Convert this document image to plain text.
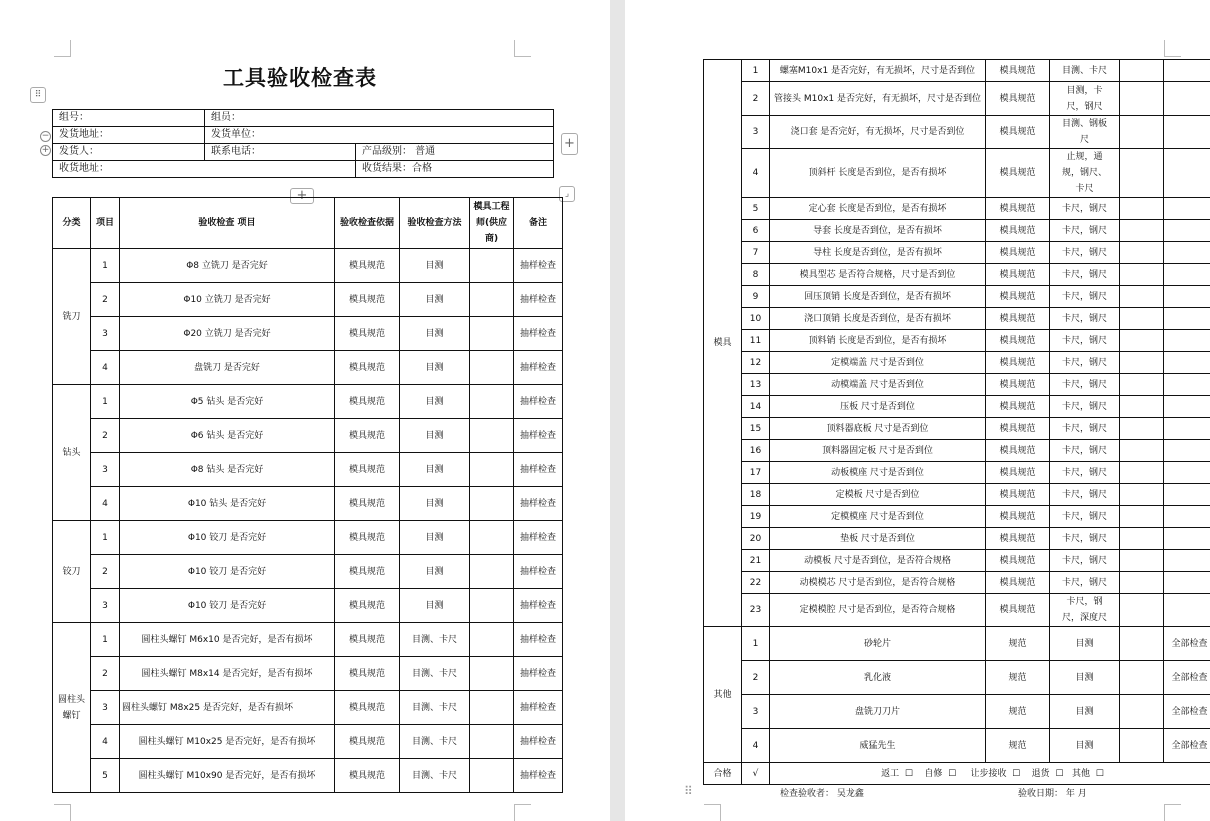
工具验收检查表
⠿
−
+	+
+	⌟
组号：	组员：	
发货地址：	发货单位：	
发货人：	联系电话：	产品级别： 普通
收货地址：		收货结果：合格
分类	项目	验收检查 项目	验收检查依据	验收检查方法	模具工程师(供应商)	备注
铣刀	1	Φ8 立铣刀 是否完好	模具规范	目测		抽样检查
	2	Φ10 立铣刀 是否完好	模具规范	目测		抽样检查
	3	Φ20 立铣刀 是否完好	模具规范	目测		抽样检查
	4	盘铣刀 是否完好	模具规范	目测		抽样检查
钻头	1	Φ5 钻头 是否完好	模具规范	目测		抽样检查
	2	Φ6 钻头 是否完好	模具规范	目测		抽样检查
	3	Φ8 钻头 是否完好	模具规范	目测		抽样检查
	4	Φ10 钻头 是否完好	模具规范	目测		抽样检查
铰刀	1	Φ10 铰刀 是否完好	模具规范	目测		抽样检查
	2	Φ10 铰刀 是否完好	模具规范	目测		抽样检查
	3	Φ10 铰刀 是否完好	模具规范	目测		抽样检查
圆柱头螺钉	1	圆柱头螺钉 M6x10 是否完好，是否有损坏	模具规范	目测、卡尺		抽样检查
	2	圆柱头螺钉 M8x14 是否完好，是否有损坏	模具规范	目测、卡尺		抽样检查
	3	圆柱头螺钉 M8x25 是否完好，是否有损坏	模具规范	目测、卡尺		抽样检查
	4	圆柱头螺钉 M10x25 是否完好，是否有损坏	模具规范	目测、卡尺		抽样检查
	5	圆柱头螺钉 M10x90 是否完好，是否有损坏	模具规范	目测、卡尺		抽样检查
模具	1	螺塞M10x1 是否完好，有无损坏，尺寸是否到位	模具规范	目测、卡尺		
	2	管接头 M10x1 是否完好，有无损坏，尺寸是否到位	模具规范	目测，卡尺，钢尺		
	3	浇口套 是否完好，有无损坏，尺寸是否到位	模具规范	目测、钢板尺		
	4	顶斜杆 长度是否到位，是否有损坏	模具规范	止规，通规，钢尺、卡尺		
	5	定心套 长度是否到位，是否有损坏	模具规范	卡尺，钢尺		
	6	导套 长度是否到位，是否有损坏	模具规范	卡尺，钢尺		
	7	导柱 长度是否到位，是否有损坏	模具规范	卡尺，钢尺		
	8	模具型芯 是否符合规格，尺寸是否到位	模具规范	卡尺，钢尺		
	9	回压顶销 长度是否到位，是否有损坏	模具规范	卡尺，钢尺		
	10	浇口顶销 长度是否到位，是否有损坏	模具规范	卡尺，钢尺		
	11	顶料销 长度是否到位，是否有损坏	模具规范	卡尺，钢尺		
	12	定模端盖 尺寸是否到位	模具规范	卡尺，钢尺		
	13	动模端盖 尺寸是否到位	模具规范	卡尺，钢尺		
	14	压板 尺寸是否到位	模具规范	卡尺，钢尺		
	15	顶料器底板 尺寸是否到位	模具规范	卡尺，钢尺		
	16	顶料器固定板 尺寸是否到位	模具规范	卡尺，钢尺		
	17	动板模座 尺寸是否到位	模具规范	卡尺，钢尺		
	18	定模板 尺寸是否到位	模具规范	卡尺，钢尺		
	19	定模模座 尺寸是否到位	模具规范	卡尺，钢尺		
	20	垫板 尺寸是否到位	模具规范	卡尺，钢尺		
	21	动模板 尺寸是否到位，是否符合规格	模具规范	卡尺，钢尺		
	22	动模模芯 尺寸是否到位，是否符合规格	模具规范	卡尺，钢尺		
	23	定模模腔 尺寸是否到位，是否符合规格	模具规范	卡尺，钢尺，深度尺		
其他	1	砂轮片	规范	目测		全部检查
	2	乳化液	规范	目测		全部检查
	3	盘铣刀刀片	规范	目测		全部检查
	4	威猛先生	规范	目测		全部检查
合格	√	返工  ☐    自修  ☐     让步接收  ☐    退货  ☐   其他  ☐				
⠿	检查验收者： 吴龙鑫	验收日期： 年 月
